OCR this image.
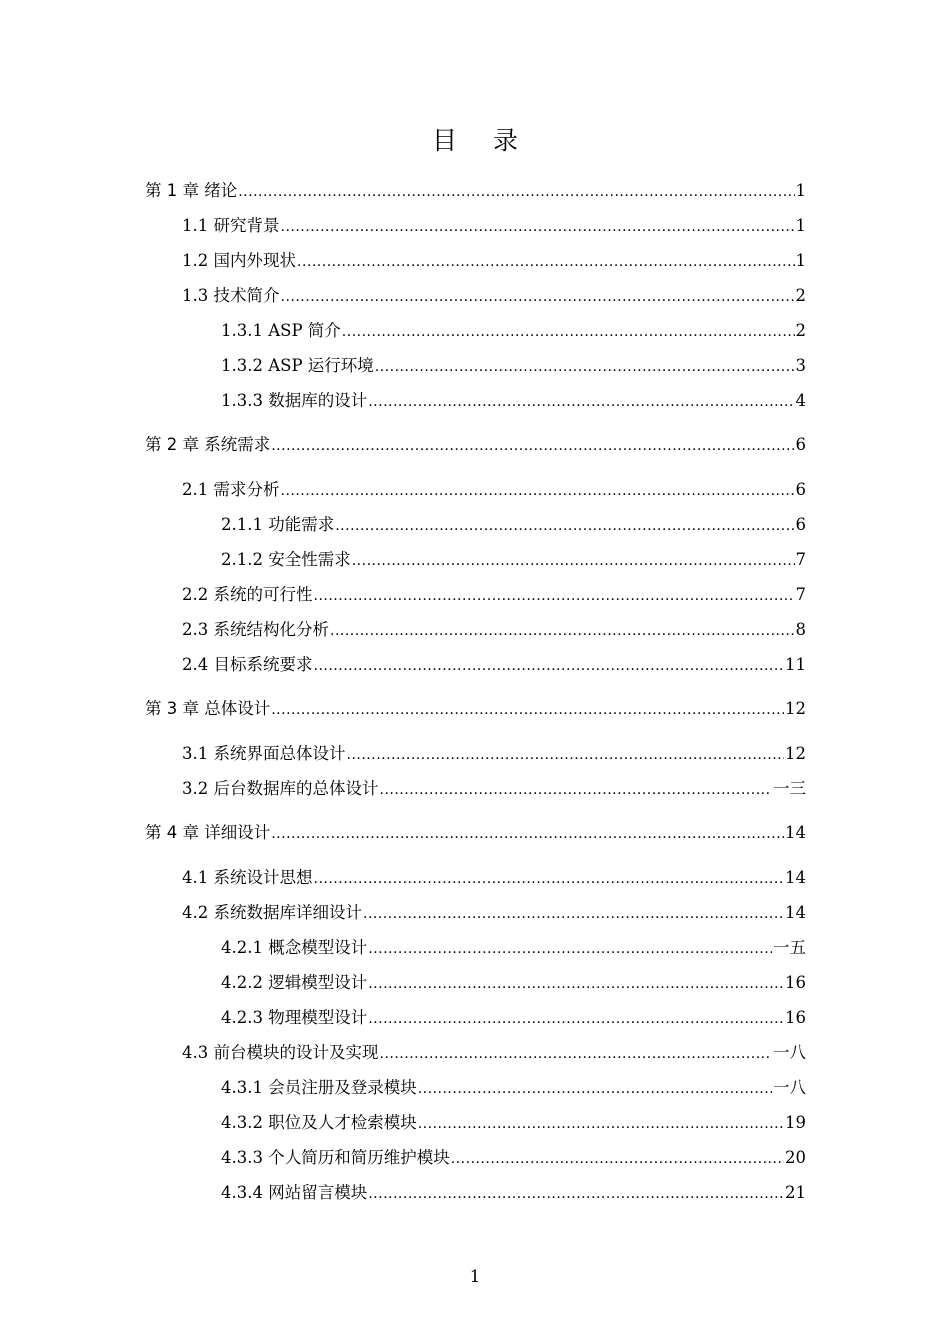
目 录
第 1 章 绪论 .....	1
1.1 研究背景 .....	1
1.2 国内外现状 .....	1
1.3 技术简介 .....	2
1.3.1 ASP 简介 .....	2
1.3.2 ASP 运行环境 .....	3
1.3.3 数据库的设计 .....	4
第 2 章 系统需求 .....	6
2.1 需求分析 .....	6
2.1.1 功能需求 .....	6
2.1.2 安全性需求 .....	7
2.2 系统的可行性 .....	7
2.3 系统结构化分析 .....	8
2.4 目标系统要求 .....	11
第 3 章 总体设计 .....	12
3.1 系统界面总体设计 .....	12
3.2 后台数据库的总体设计 .....	一三
第 4 章 详细设计 .....	14
4.1 系统设计思想 .....	14
4.2 系统数据库详细设计 .....	14
4.2.1 概念模型设计 .....	一五
4.2.2 逻辑模型设计 .....	16
4.2.3 物理模型设计 .....	16
4.3 前台模块的设计及实现 .....	一八
4.3.1 会员注册及登录模块 .....	一八
4.3.2 职位及人才检索模块 .....	19
4.3.3 个人简历和简历维护模块 .....	20
4.3.4 网站留言模块 .....	21
1
